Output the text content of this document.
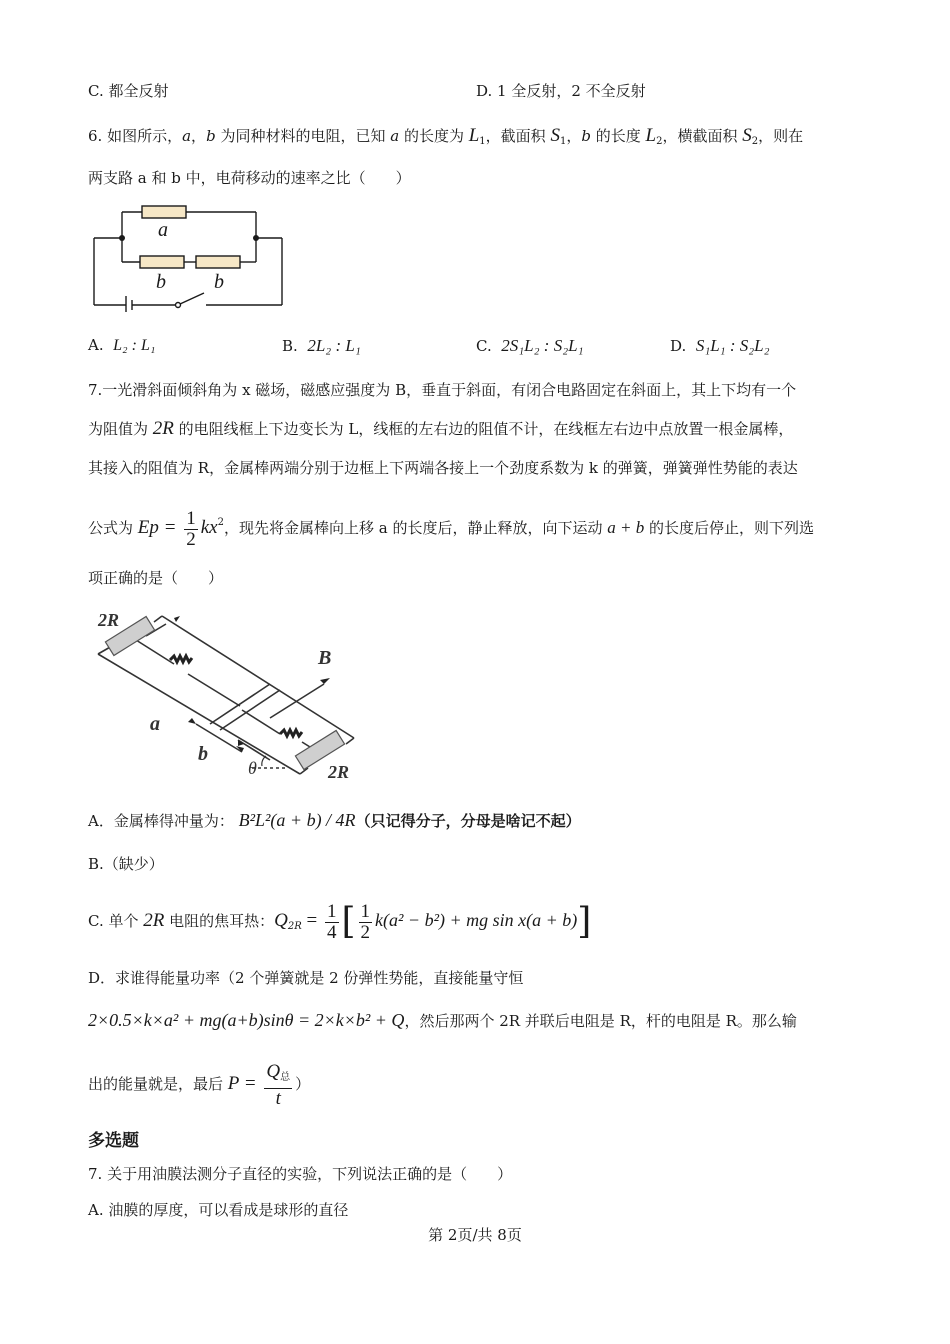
C. 都全反射	D. 1 全反射，2 不全反射
6. 如图所示，a，b 为同种材料的电阻，已知 a 的长度为 $L_1$，截面积 $S_1$，b 的长度 $L_2$，横截面积 $S_2$，则在
两支路 a 和 b 中，电荷移动的速率之比（　　）
a
b b
A. L₂ : L₁	B. 2L₂ : L₁	C. 2S₁L₂ : S₂L₁	D. S₁L₁ : S₂L₂
7.一光滑斜面倾斜角为 x 磁场，磁感应强度为 B，垂直于斜面，有闭合电路固定在斜面上，其上下均有一个
为阻值为 2R 的电阻线框上下边变长为 L，线框的左右边的阻值不计，在线框左右边中点放置一根金属棒，
其接入的阻值为 R，金属棒两端分别于边框上下两端各接上一个劲度系数为 k 的弹簧，弹簧弹性势能的表达
公式为 $Ep = \frac{1}{2} kx^2$，现先将金属棒向上移 a 的长度后，静止释放，向下运动 a + b 的长度后停止，则下列选
项正确的是（　　）
2R
2R
B
a
b
θ
A．金属棒得冲量为： B²L²(a + b) / 4R（只记得分子，分母是啥记不起）
B.（缺少）
C. 单个 2R 电阻的焦耳热：$Q_{2R} = \frac{1}{4}$ [ $\frac{1}{2} k(a^2 - b^2)$ + mg sin x(a + b)]
D．求谁得能量功率（2 个弹簧就是 2 份弹性势能，直接能量守恒
2×0.5×k×a² + mg(a+b)sinθ = 2×k×b² + Q，然后那两个 2R 并联后电阻是 R，杆的电阻是 R。那么输
出的能量就是，最后 $P = \frac{Q_总}{t}$ ）
多选题
7. 关于用油膜法测分子直径的实验，下列说法正确的是（　　）
A. 油膜的厚度，可以看成是球形的直径
第 2页/共 8页
